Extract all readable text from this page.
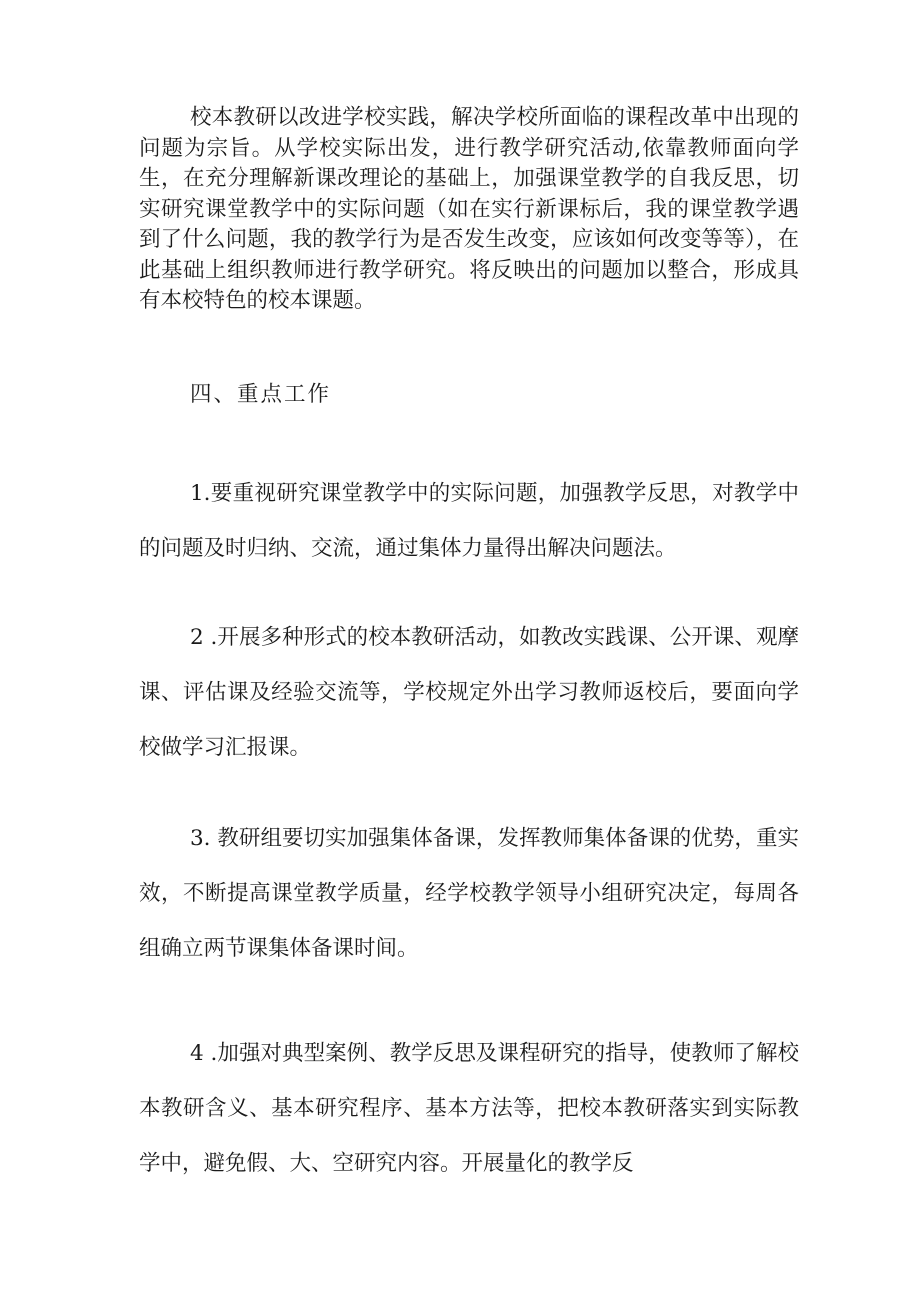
校本教研以改进学校实践，解决学校所面临的课程改革中出现的问题为宗旨。从学校实际出发，进行教学研究活动,依靠教师面向学生，在充分理解新课改理论的基础上，加强课堂教学的自我反思，切实研究课堂教学中的实际问题（如在实行新课标后，我的课堂教学遇到了什么问题，我的教学行为是否发生改变，应该如何改变等等），在此基础上组织教师进行教学研究。将反映出的问题加以整合，形成具有本校特色的校本课题。

四、重点工作

1.要重视研究课堂教学中的实际问题，加强教学反思，对教学中的问题及时归纳、交流，通过集体力量得出解决问题法。

2 .开展多种形式的校本教研活动，如教改实践课、公开课、观摩课、评估课及经验交流等，学校规定外出学习教师返校后，要面向学校做学习汇报课。

3. 教研组要切实加强集体备课，发挥教师集体备课的优势，重实效，不断提高课堂教学质量，经学校教学领导小组研究决定，每周各组确立两节课集体备课时间。

4 .加强对典型案例、教学反思及课程研究的指导，使教师了解校本教研含义、基本研究程序、基本方法等，把校本教研落实到实际教学中，避免假、大、空研究内容。开展量化的教学反
